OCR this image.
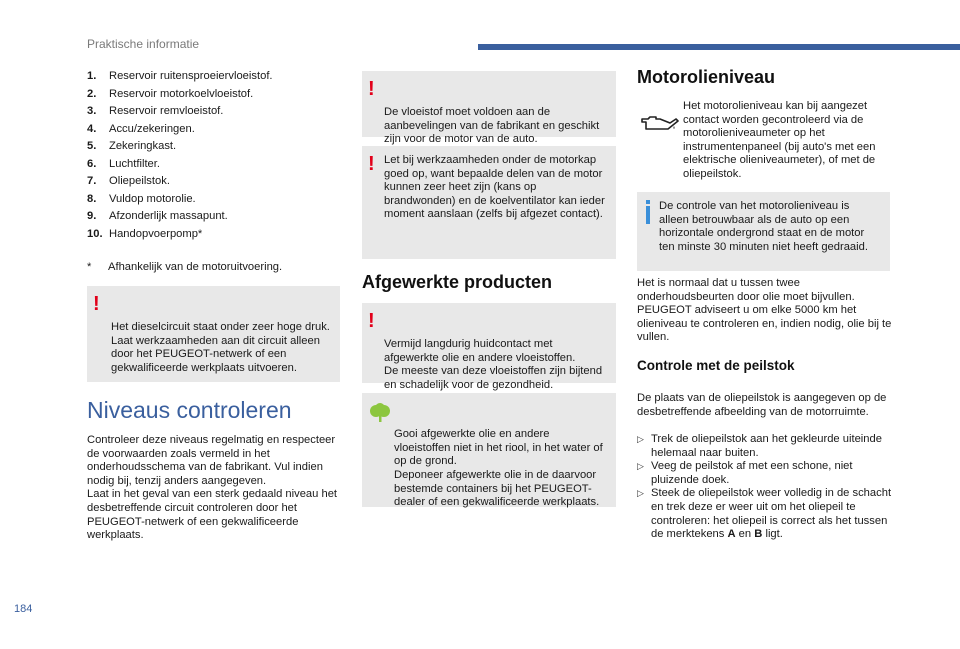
Praktische informatie
1.	Reservoir ruitensproeiervloeistof.
2.	Reservoir motorkoelvloeistof.
3.	Reservoir remvloeistof.
4.	Accu/zekeringen.
5.	Zekeringkast.
6.	Luchtfilter.
7.	Oliepeilstok.
8.	Vuldop motorolie.
9.	Afzonderlijk massapunt.
10. Handopvoerpomp*
* Afhankelijk van de motoruitvoering.

!

Het dieselcircuit staat onder zeer hoge druk.
Laat werkzaamheden aan dit circuit alleen door het PEUGEOT-netwerk of een gekwalificeerde werkplaats uitvoeren.

Niveaus controleren

Controleer deze niveaus regelmatig en respecteer de voorwaarden zoals vermeld in het onderhoudsschema van de fabrikant. Vul indien nodig bij, tenzij anders aangegeven.
Laat in het geval van een sterk gedaald niveau het desbetreffende circuit controleren door het PEUGEOT-netwerk of een gekwalificeerde werkplaats.

!

De vloeistof moet voldoen aan de aanbevelingen van de fabrikant en geschikt zijn voor de motor van de auto.

! Let bij werkzaamheden onder de motorkap goed op, want bepaalde delen van de motor kunnen zeer heet zijn (kans op brandwonden) en de koelventilator kan ieder moment aanslaan (zelfs bij afgezet contact).
Afgewerkte producten

!

Vermijd langdurig huidcontact met afgewerkte olie en andere vloeistoffen.
De meeste van deze vloeistoffen zijn bijtend en schadelijk voor de gezondheid.

Gooi afgewerkte olie en andere vloeistoffen niet in het riool, in het water of op de grond.
Deponeer afgewerkte olie in de daarvoor bestemde containers bij het PEUGEOT-dealer of een gekwalificeerde werkplaats.

Motorolieniveau

Het motorolieniveau kan bij aangezet contact worden gecontroleerd via de motorolieniveaumeter op het instrumentenpaneel (bij auto's met een elektrische olieniveaumeter), of met de oliepeilstok.

De controle van het motorolieniveau is alleen betrouwbaar als de auto op een horizontale ondergrond staat en de motor ten minste 30 minuten niet heeft gedraaid.

Het is normaal dat u tussen twee onderhoudsbeurten door olie moet bijvullen. PEUGEOT adviseert u om elke 5000 km het olieniveau te controleren en, indien nodig, olie bij te vullen.

Controle met de peilstok

De plaats van de oliepeilstok is aangegeven op de desbetreffende afbeelding van de motorruimte.

▷ Trek de oliepeilstok aan het gekleurde uiteinde helemaal naar buiten.
▷ Veeg de peilstok af met een schone, niet pluizende doek.
▷ Steek de oliepeilstok weer volledig in de schacht en trek deze er weer uit om het oliepeil te controleren: het oliepeil is correct als het tussen de merktekens A en B ligt.
184
